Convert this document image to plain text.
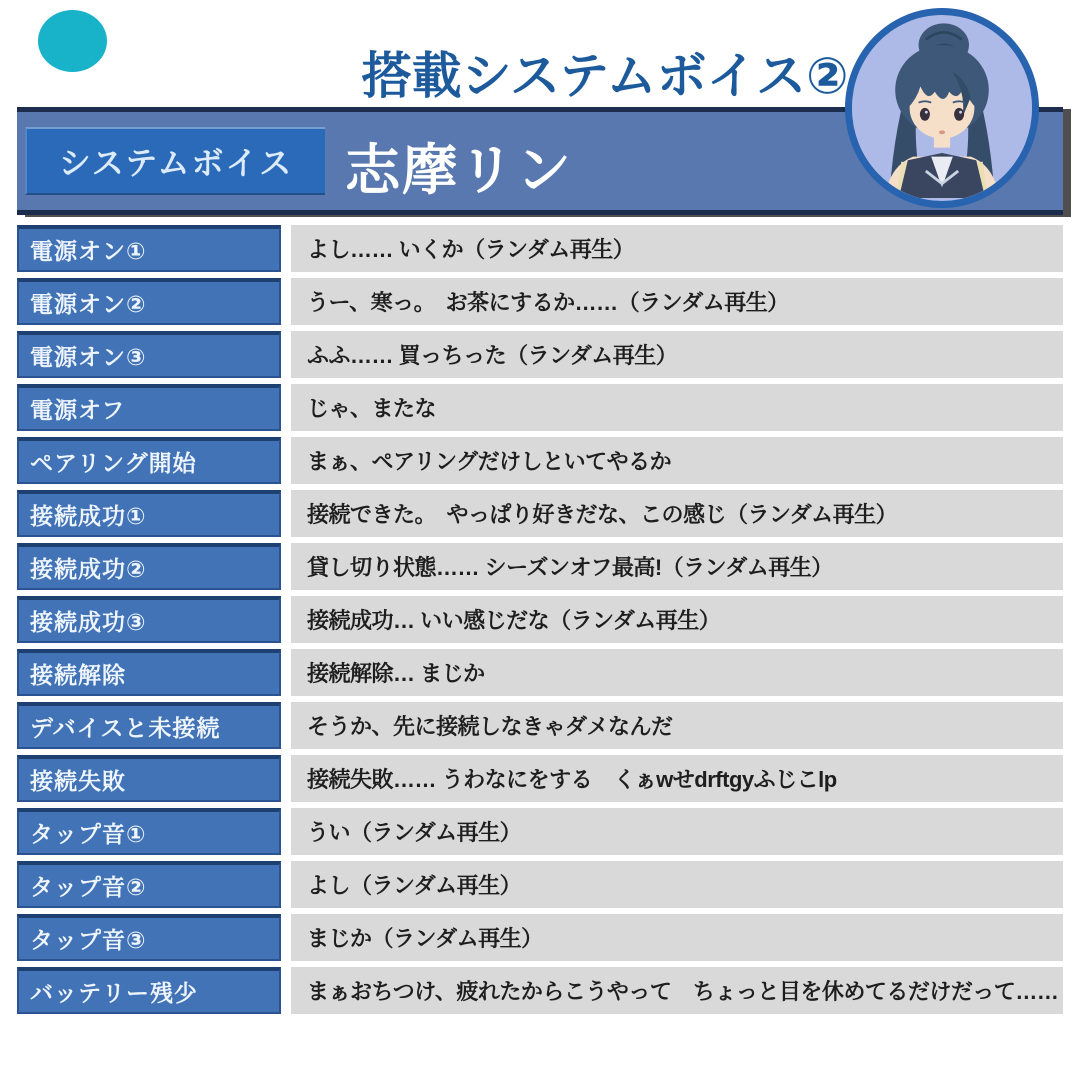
搭載システムボイス②
システムボイス 志摩リン
電源オン①	よし…… いくか（ランダム再生）
電源オン②	うー、寒っ。　お茶にするか……（ランダム再生）
電源オン③	ふふ…… 買っちった（ランダム再生）
電源オフ	じゃ、またな
ペアリング開始	まぁ、ペアリングだけしといてやるか
接続成功①	接続できた。　やっぱり好きだな、この感じ（ランダム再生）
接続成功②	貸し切り状態…… シーズンオフ最高!（ランダム再生）
接続成功③	接続成功… いい感じだな（ランダム再生）
接続解除	接続解除… まじか
デバイスと未接続	そうか、先に接続しなきゃダメなんだ
接続失敗	接続失敗…… うわなにをする　くぁwせdrftgyふじこlp
タップ音①	うい（ランダム再生）
タップ音②	よし（ランダム再生）
タップ音③	まじか（ランダム再生）
バッテリー残少	まぁおちつけ、疲れたからこうやって　ちょっと目を休めてるだけだって……
